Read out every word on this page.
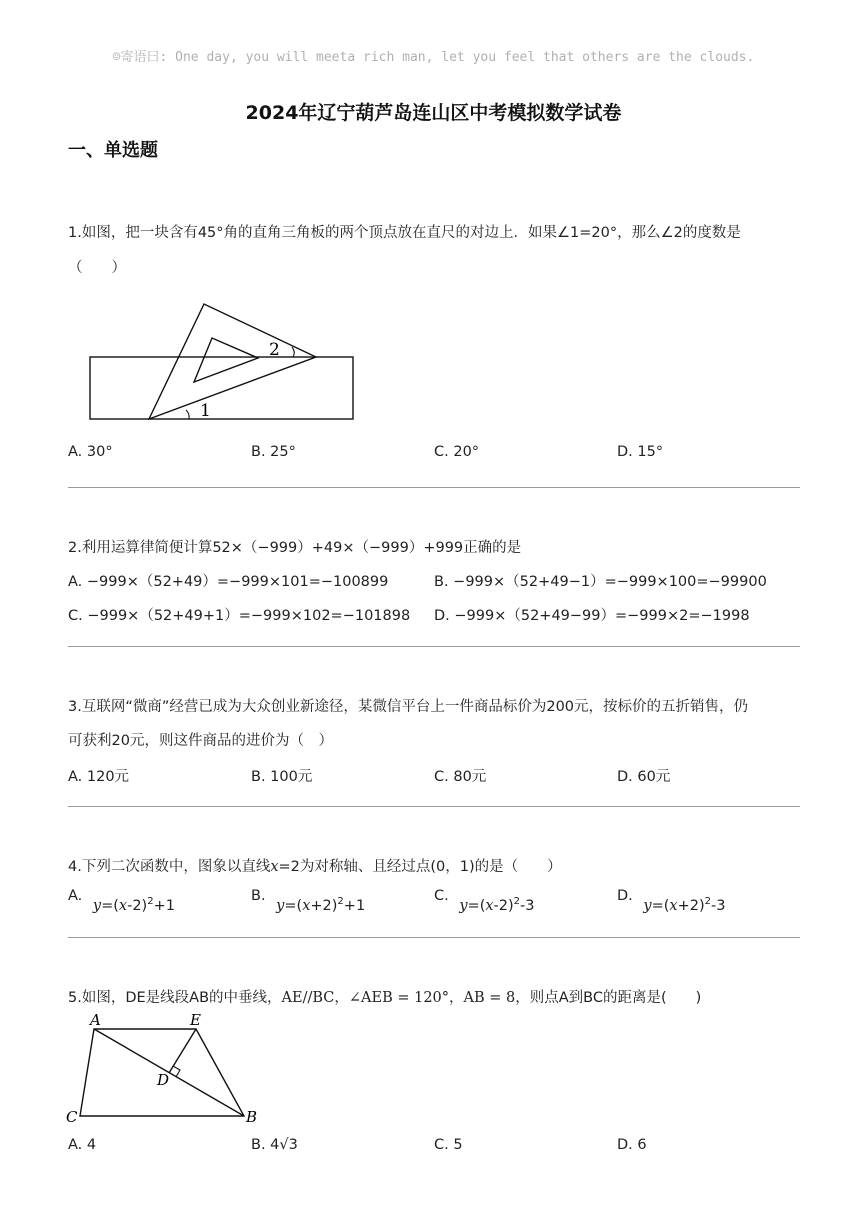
☺寄语曰: One day, you will meeta rich man, let you feel that others are the clouds.
2024年辽宁葫芦岛连山区中考模拟数学试卷
一、单选题
1.如图，把一块含有45°角的直角三角板的两个顶点放在直尺的对边上．如果∠1=20°，那么∠2的度数是
（　　）
1
2
A. 30°	B. 25°	C. 20°	D. 15°
2.利用运算律简便计算52×（−999）+49×（−999）+999正确的是
A. −999×（52+49）=−999×101=−100899	B. −999×（52+49−1）=−999×100=−99900
C. −999×（52+49+1）=−999×102=−101898 D. −999×（52+49−99）=−999×2=−1998
3.互联网“微商”经营已成为大众创业新途径，某微信平台上一件商品标价为200元，按标价的五折销售，仍
可获利20元，则这件商品的进价为（　）
A. 120元	B. 100元	C. 80元	D. 60元
4.下列二次函数中，图象以直线x=2为对称轴、且经过点(0，1)的是（　　）
A. $y=(x-2)^2+1$
B. $y=(x+2)^2+1$
C. $y=(x-2)^2-3$
D. $y=(x+2)^2-3$
5.如图，DE是线段AB的中垂线，AE//BC，∠AEB = 120°，AB = 8，则点A到BC的距离是(　　)
A	E
D
C	B
A. 4	B. 4√3	C. 5	D. 6
